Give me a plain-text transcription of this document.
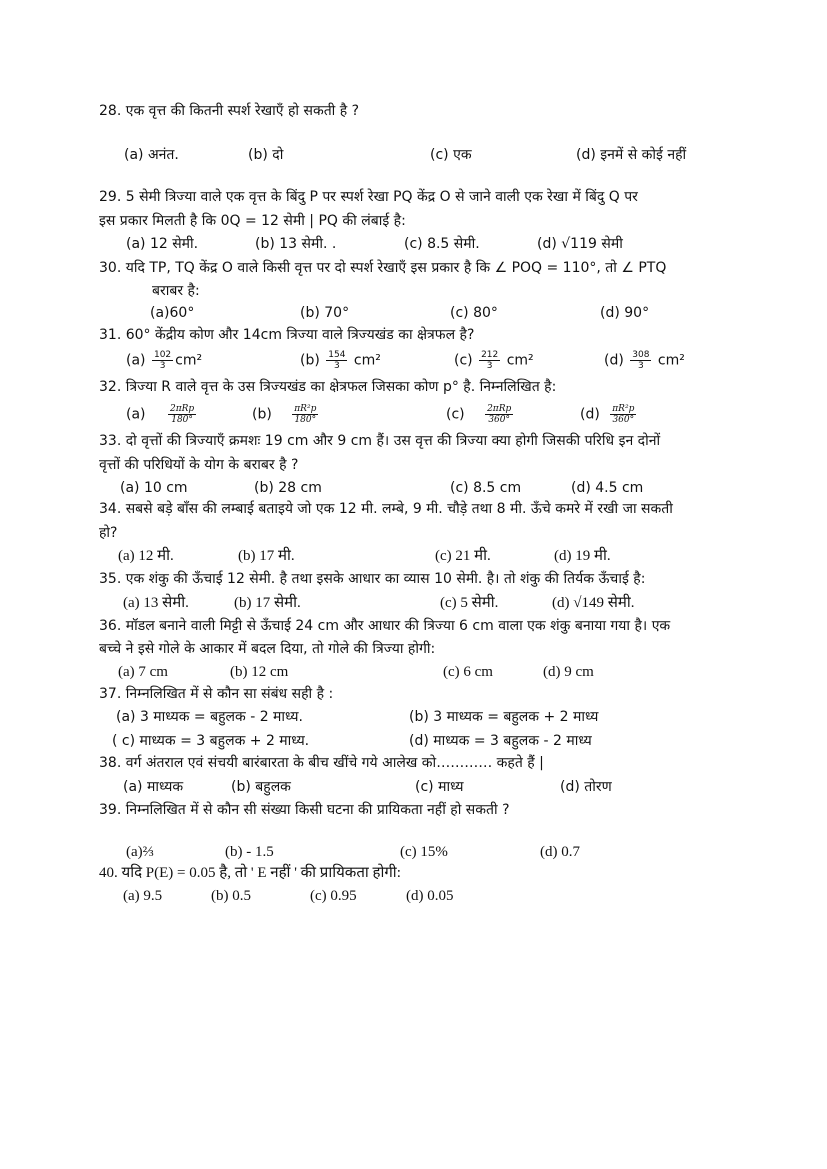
28. एक वृत्त की कितनी स्पर्श रेखाएँ हो सकती है ?
(a) अनंत.	(b) दो	(c) एक	(d) इनमें से कोई नहीं
29. 5 सेमी त्रिज्या वाले एक वृत्त के बिंदु P पर स्पर्श रेखा PQ केंद्र O से जाने वाली एक रेखा में बिंदु Q पर
इस प्रकार मिलती है कि 0Q = 12 सेमी | PQ की लंबाई है:
(a) 12 सेमी.	(b) 13 सेमी. .	(c) 8.5 सेमी.	(d) √119 सेमी
30. यदि TP, TQ केंद्र O वाले किसी वृत्त पर दो स्पर्श रेखाएँ इस प्रकार है कि ∠ POQ = 110°, तो ∠ PTQ
बराबर है:
(a)60°	(b) 70°	(c) 80°	(d) 90°
31. 60° केंद्रीय कोण और 14cm त्रिज्या वाले त्रिज्यखंड का क्षेत्रफल है?
$(a) \frac{102}{3} cm^2$	$(b) \frac{154}{3} cm^2$	$(c) \frac{212}{3} cm^2$	$(d) \frac{308}{3} cm^2$
32. त्रिज्या R वाले वृत्त के उस त्रिज्यखंड का क्षेत्रफल जिसका कोण p° है. निम्नलिखित है:
$(a) \frac{\text{2πRp}}{180^\circ}$	$(b) \frac{\text{πR²p}}{180^\circ}$	$(c) \frac{\text{2πRp}}{360^\circ}$	$(d) \frac{\text{πR²p}}{360^\circ}$
33. दो वृत्तों की त्रिज्याएँ क्रमशः 19 cm और 9 cm हैं। उस वृत्त की त्रिज्या क्या होगी जिसकी परिधि इन दोनों
वृत्तों की परिधियों के योग के बराबर है ?
(a) 10 cm	(b) 28 cm	(c) 8.5 cm	(d) 4.5 cm
34. सबसे बड़े बाँस की लम्बाई बताइये जो एक 12 मी. लम्बे, 9 मी. चौड़े तथा 8 मी. ऊँचे कमरे में रखी जा सकती
हो?
(a) 12 मी.	(b) 17 मी.	(c) 21 मी.	(d) 19 मी.
35. एक शंकु की ऊँचाई 12 सेमी. है तथा इसके आधार का व्यास 10 सेमी. है। तो शंकु की तिर्यक ऊँचाई है:
(a) 13 सेमी.	(b) 17 सेमी.	(c) 5 सेमी.	(d) √149 सेमी.
36. मॉडल बनाने वाली मिट्टी से ऊँचाई 24 cm और आधार की त्रिज्या 6 cm वाला एक शंकु बनाया गया है। एक
बच्चे ने इसे गोले के आकार में बदल दिया, तो गोले की त्रिज्या होगी:
(a) 7 cm	(b) 12 cm	(c) 6 cm	(d) 9 cm
37. निम्नलिखित में से कौन सा संबंध सही है :
(a) 3 माध्यक = बहुलक - 2 माध्य.	(b) 3 माध्यक = बहुलक + 2 माध्य
( c) माध्यक = 3 बहुलक + 2 माध्य.	(d) माध्यक = 3 बहुलक - 2 माध्य
38. वर्ग अंतराल एवं संचयी बारंबारता के बीच खींचे गये आलेख को………… कहते हैं |
(a) माध्यक	(b) बहुलक	(c) माध्य	(d) तोरण
39. निम्नलिखित में से कौन सी संख्या किसी घटना की प्रायिकता नहीं हो सकती ?
(a)⅔	(b) - 1.5	(c) 15%	(d) 0.7
40. यदि P(E) = 0.05 है, तो ' E नहीं ' की प्रायिकता होगी:
(a) 9.5	(b) 0.5	(c) 0.95	(d) 0.05
